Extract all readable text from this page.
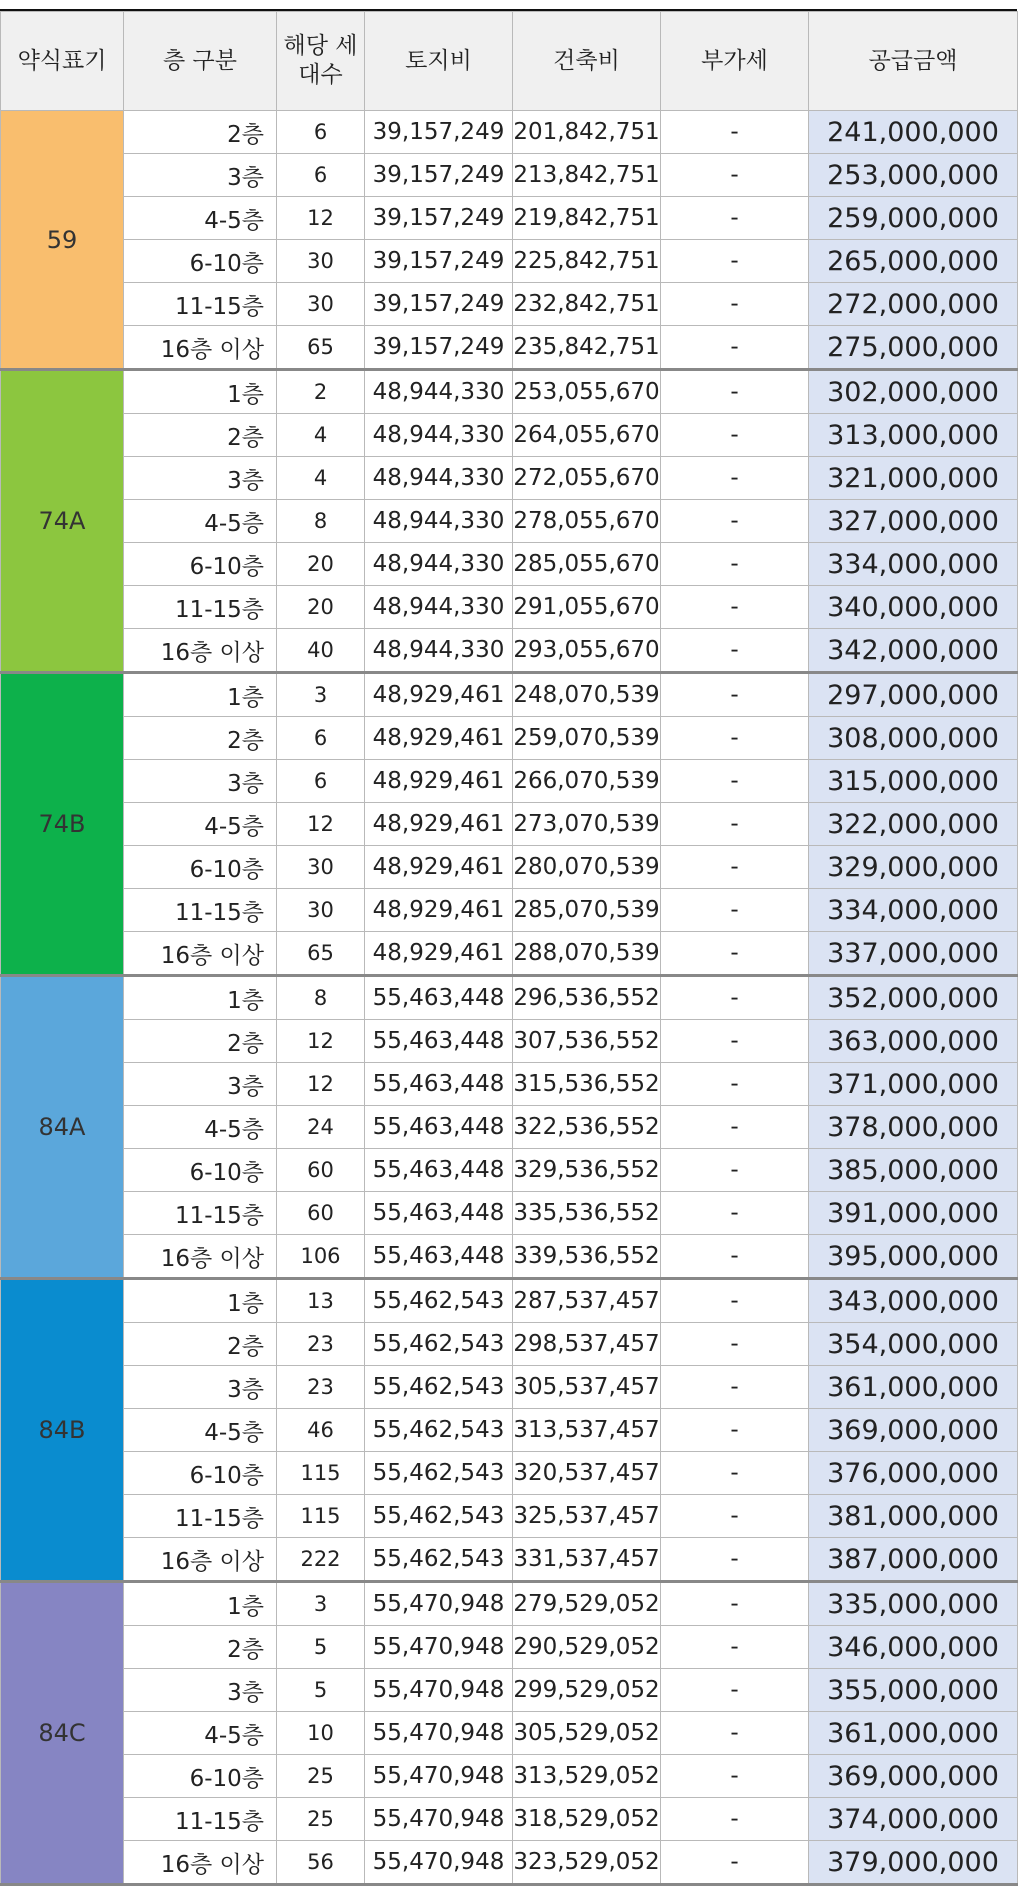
약식표기	층 구분	해당 세대수	토지비	건축비	부가세	공급금액
59	2층	6	39,157,249	201,842,751	-	241,000,000
	3층	6	39,157,249	213,842,751	-	253,000,000
	4-5층	12	39,157,249	219,842,751	-	259,000,000
	6-10층	30	39,157,249	225,842,751	-	265,000,000
	11-15층	30	39,157,249	232,842,751	-	272,000,000
	16층 이상	65	39,157,249	235,842,751	-	275,000,000
74A	1층	2	48,944,330	253,055,670	-	302,000,000
	2층	4	48,944,330	264,055,670	-	313,000,000
	3층	4	48,944,330	272,055,670	-	321,000,000
	4-5층	8	48,944,330	278,055,670	-	327,000,000
	6-10층	20	48,944,330	285,055,670	-	334,000,000
	11-15층	20	48,944,330	291,055,670	-	340,000,000
	16층 이상	40	48,944,330	293,055,670	-	342,000,000
74B	1층	3	48,929,461	248,070,539	-	297,000,000
	2층	6	48,929,461	259,070,539	-	308,000,000
	3층	6	48,929,461	266,070,539	-	315,000,000
	4-5층	12	48,929,461	273,070,539	-	322,000,000
	6-10층	30	48,929,461	280,070,539	-	329,000,000
	11-15층	30	48,929,461	285,070,539	-	334,000,000
	16층 이상	65	48,929,461	288,070,539	-	337,000,000
84A	1층	8	55,463,448	296,536,552	-	352,000,000
	2층	12	55,463,448	307,536,552	-	363,000,000
	3층	12	55,463,448	315,536,552	-	371,000,000
	4-5층	24	55,463,448	322,536,552	-	378,000,000
	6-10층	60	55,463,448	329,536,552	-	385,000,000
	11-15층	60	55,463,448	335,536,552	-	391,000,000
	16층 이상	106	55,463,448	339,536,552	-	395,000,000
84B	1층	13	55,462,543	287,537,457	-	343,000,000
	2층	23	55,462,543	298,537,457	-	354,000,000
	3층	23	55,462,543	305,537,457	-	361,000,000
	4-5층	46	55,462,543	313,537,457	-	369,000,000
	6-10층	115	55,462,543	320,537,457	-	376,000,000
	11-15층	115	55,462,543	325,537,457	-	381,000,000
	16층 이상	222	55,462,543	331,537,457	-	387,000,000
84C	1층	3	55,470,948	279,529,052	-	335,000,000
	2층	5	55,470,948	290,529,052	-	346,000,000
	3층	5	55,470,948	299,529,052	-	355,000,000
	4-5층	10	55,470,948	305,529,052	-	361,000,000
	6-10층	25	55,470,948	313,529,052	-	369,000,000
	11-15층	25	55,470,948	318,529,052	-	374,000,000
	16층 이상	56	55,470,948	323,529,052	-	379,000,000
